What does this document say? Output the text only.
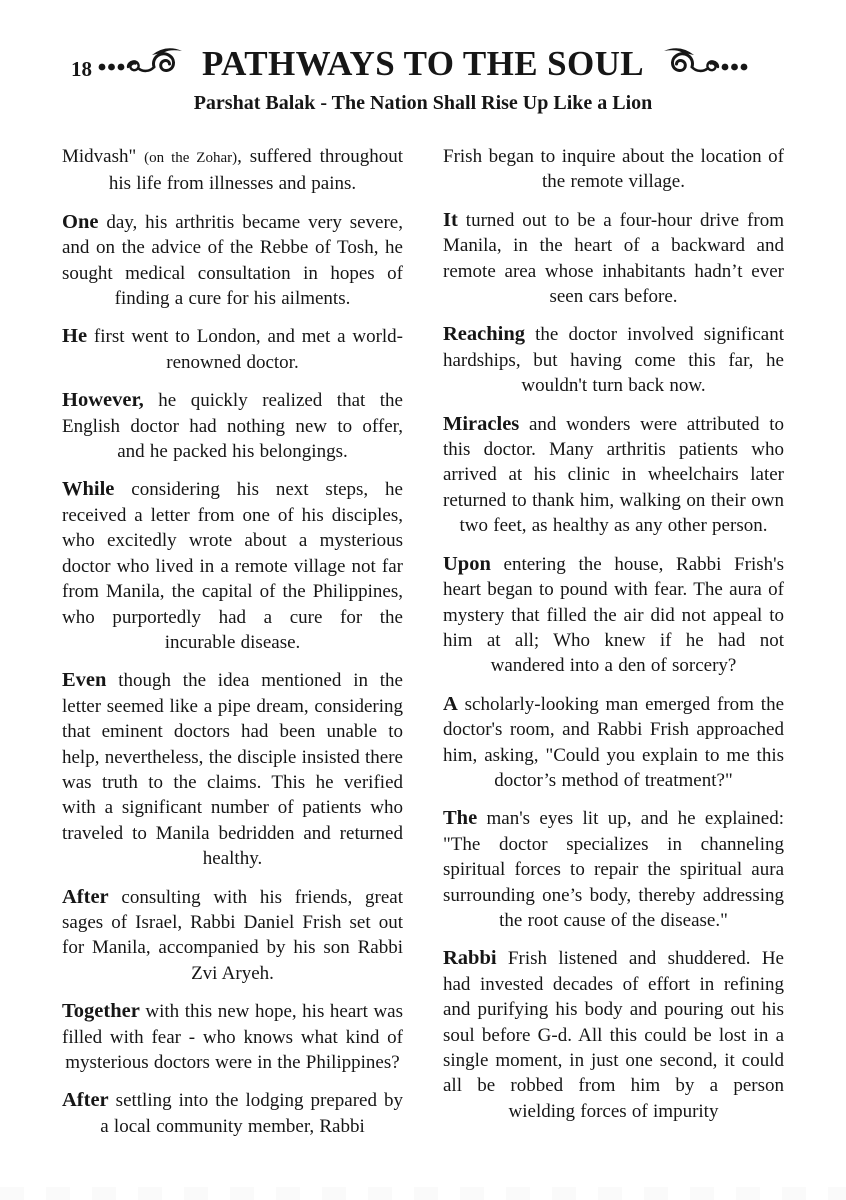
18	PATHWAYS TO THE SOUL
Parshat Balak - The Nation Shall Rise Up Like a Lion

Midvash" (on the Zohar), suffered throughout his life from illnesses and pains.

One day, his arthritis became very severe, and on the advice of the Rebbe of Tosh, he sought medical consultation in hopes of finding a cure for his ailments.

He first went to London, and met a world-renowned doctor.

However, he quickly realized that the English doctor had nothing new to offer, and he packed his belongings.

While considering his next steps, he received a letter from one of his disciples, who excitedly wrote about a mysterious doctor who lived in a remote village not far from Manila, the capital of the Philippines, who purportedly had a cure for the incurable disease.

Even though the idea mentioned in the letter seemed like a pipe dream, considering that eminent doctors had been unable to help, nevertheless, the disciple insisted there was truth to the claims. This he verified with a significant number of patients who traveled to Manila bedridden and returned healthy.

After consulting with his friends, great sages of Israel, Rabbi Daniel Frish set out for Manila, accompanied by his son Rabbi Zvi Aryeh.

Together with this new hope, his heart was filled with fear - who knows what kind of mysterious doctors were in the Philippines?

After settling into the lodging prepared by a local community member, Rabbi

Frish began to inquire about the location of the remote village.

It turned out to be a four-hour drive from Manila, in the heart of a backward and remote area whose inhabitants hadn’t ever seen cars before.

Reaching the doctor involved significant hardships, but having come this far, he wouldn't turn back now.

Miracles and wonders were attributed to this doctor. Many arthritis patients who arrived at his clinic in wheelchairs later returned to thank him, walking on their own two feet, as healthy as any other person.

Upon entering the house, Rabbi Frish's heart began to pound with fear. The aura of mystery that filled the air did not appeal to him at all; Who knew if he had not wandered into a den of sorcery?

A scholarly-looking man emerged from the doctor's room, and Rabbi Frish approached him, asking, "Could you explain to me this doctor’s method of treatment?"

The man's eyes lit up, and he explained: "The doctor specializes in channeling spiritual forces to repair the spiritual aura surrounding one’s body, thereby addressing the root cause of the disease."

Rabbi Frish listened and shuddered. He had invested decades of effort in refining and purifying his body and pouring out his soul before G-d. All this could be lost in a single moment, in just one second, it could all be robbed from him by a person wielding forces of impurity
